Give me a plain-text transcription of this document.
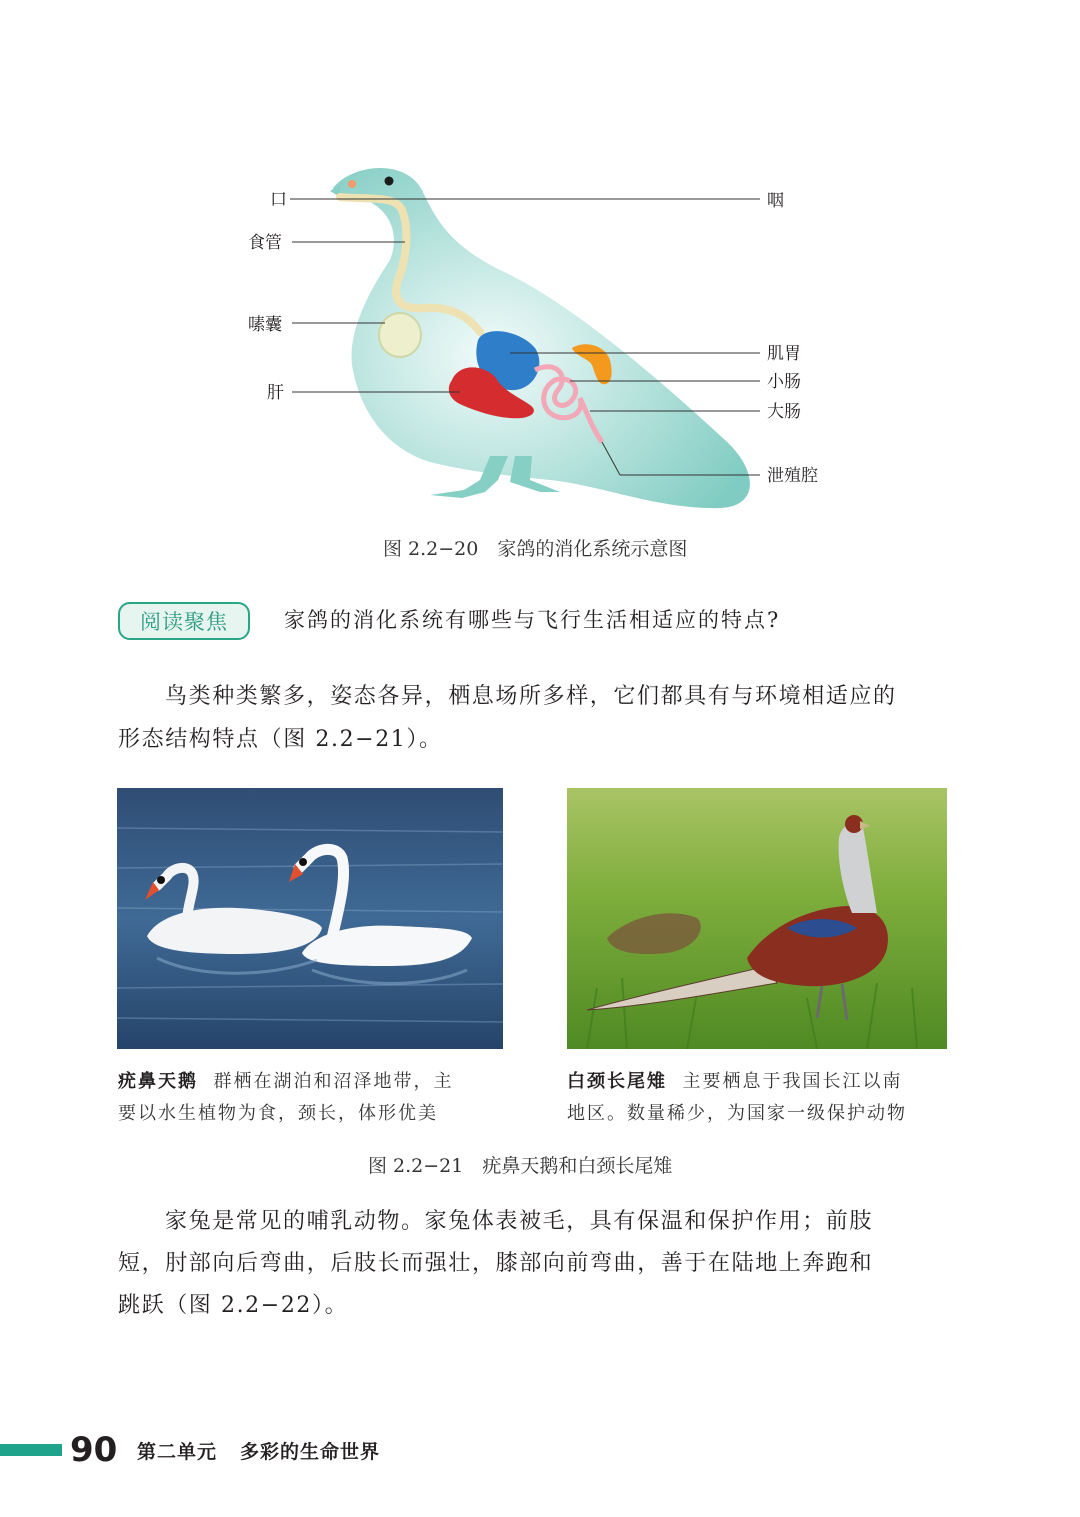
口
食管
嗉囊
肝
咽
肌胃
小肠
大肠
泄殖腔
图 2.2−20　家鸽的消化系统示意图
阅读聚焦	家鸽的消化系统有哪些与飞行生活相适应的特点?
鸟类种类繁多，姿态各异，栖息场所多样，它们都具有与环境相适应的
形态结构特点（图 2.2−21）。
疣鼻天鹅 群栖在湖泊和沼泽地带，主
要以水生植物为食，颈长，体形优美
白颈长尾雉 主要栖息于我国长江以南
地区。数量稀少，为国家一级保护动物
图 2.2−21　疣鼻天鹅和白颈长尾雉
家兔是常见的哺乳动物。家兔体表被毛，具有保温和保护作用；前肢
短，肘部向后弯曲，后肢长而强壮，膝部向前弯曲，善于在陆地上奔跑和
跳跃（图 2.2−22）。
90 第二单元 多彩的生命世界
